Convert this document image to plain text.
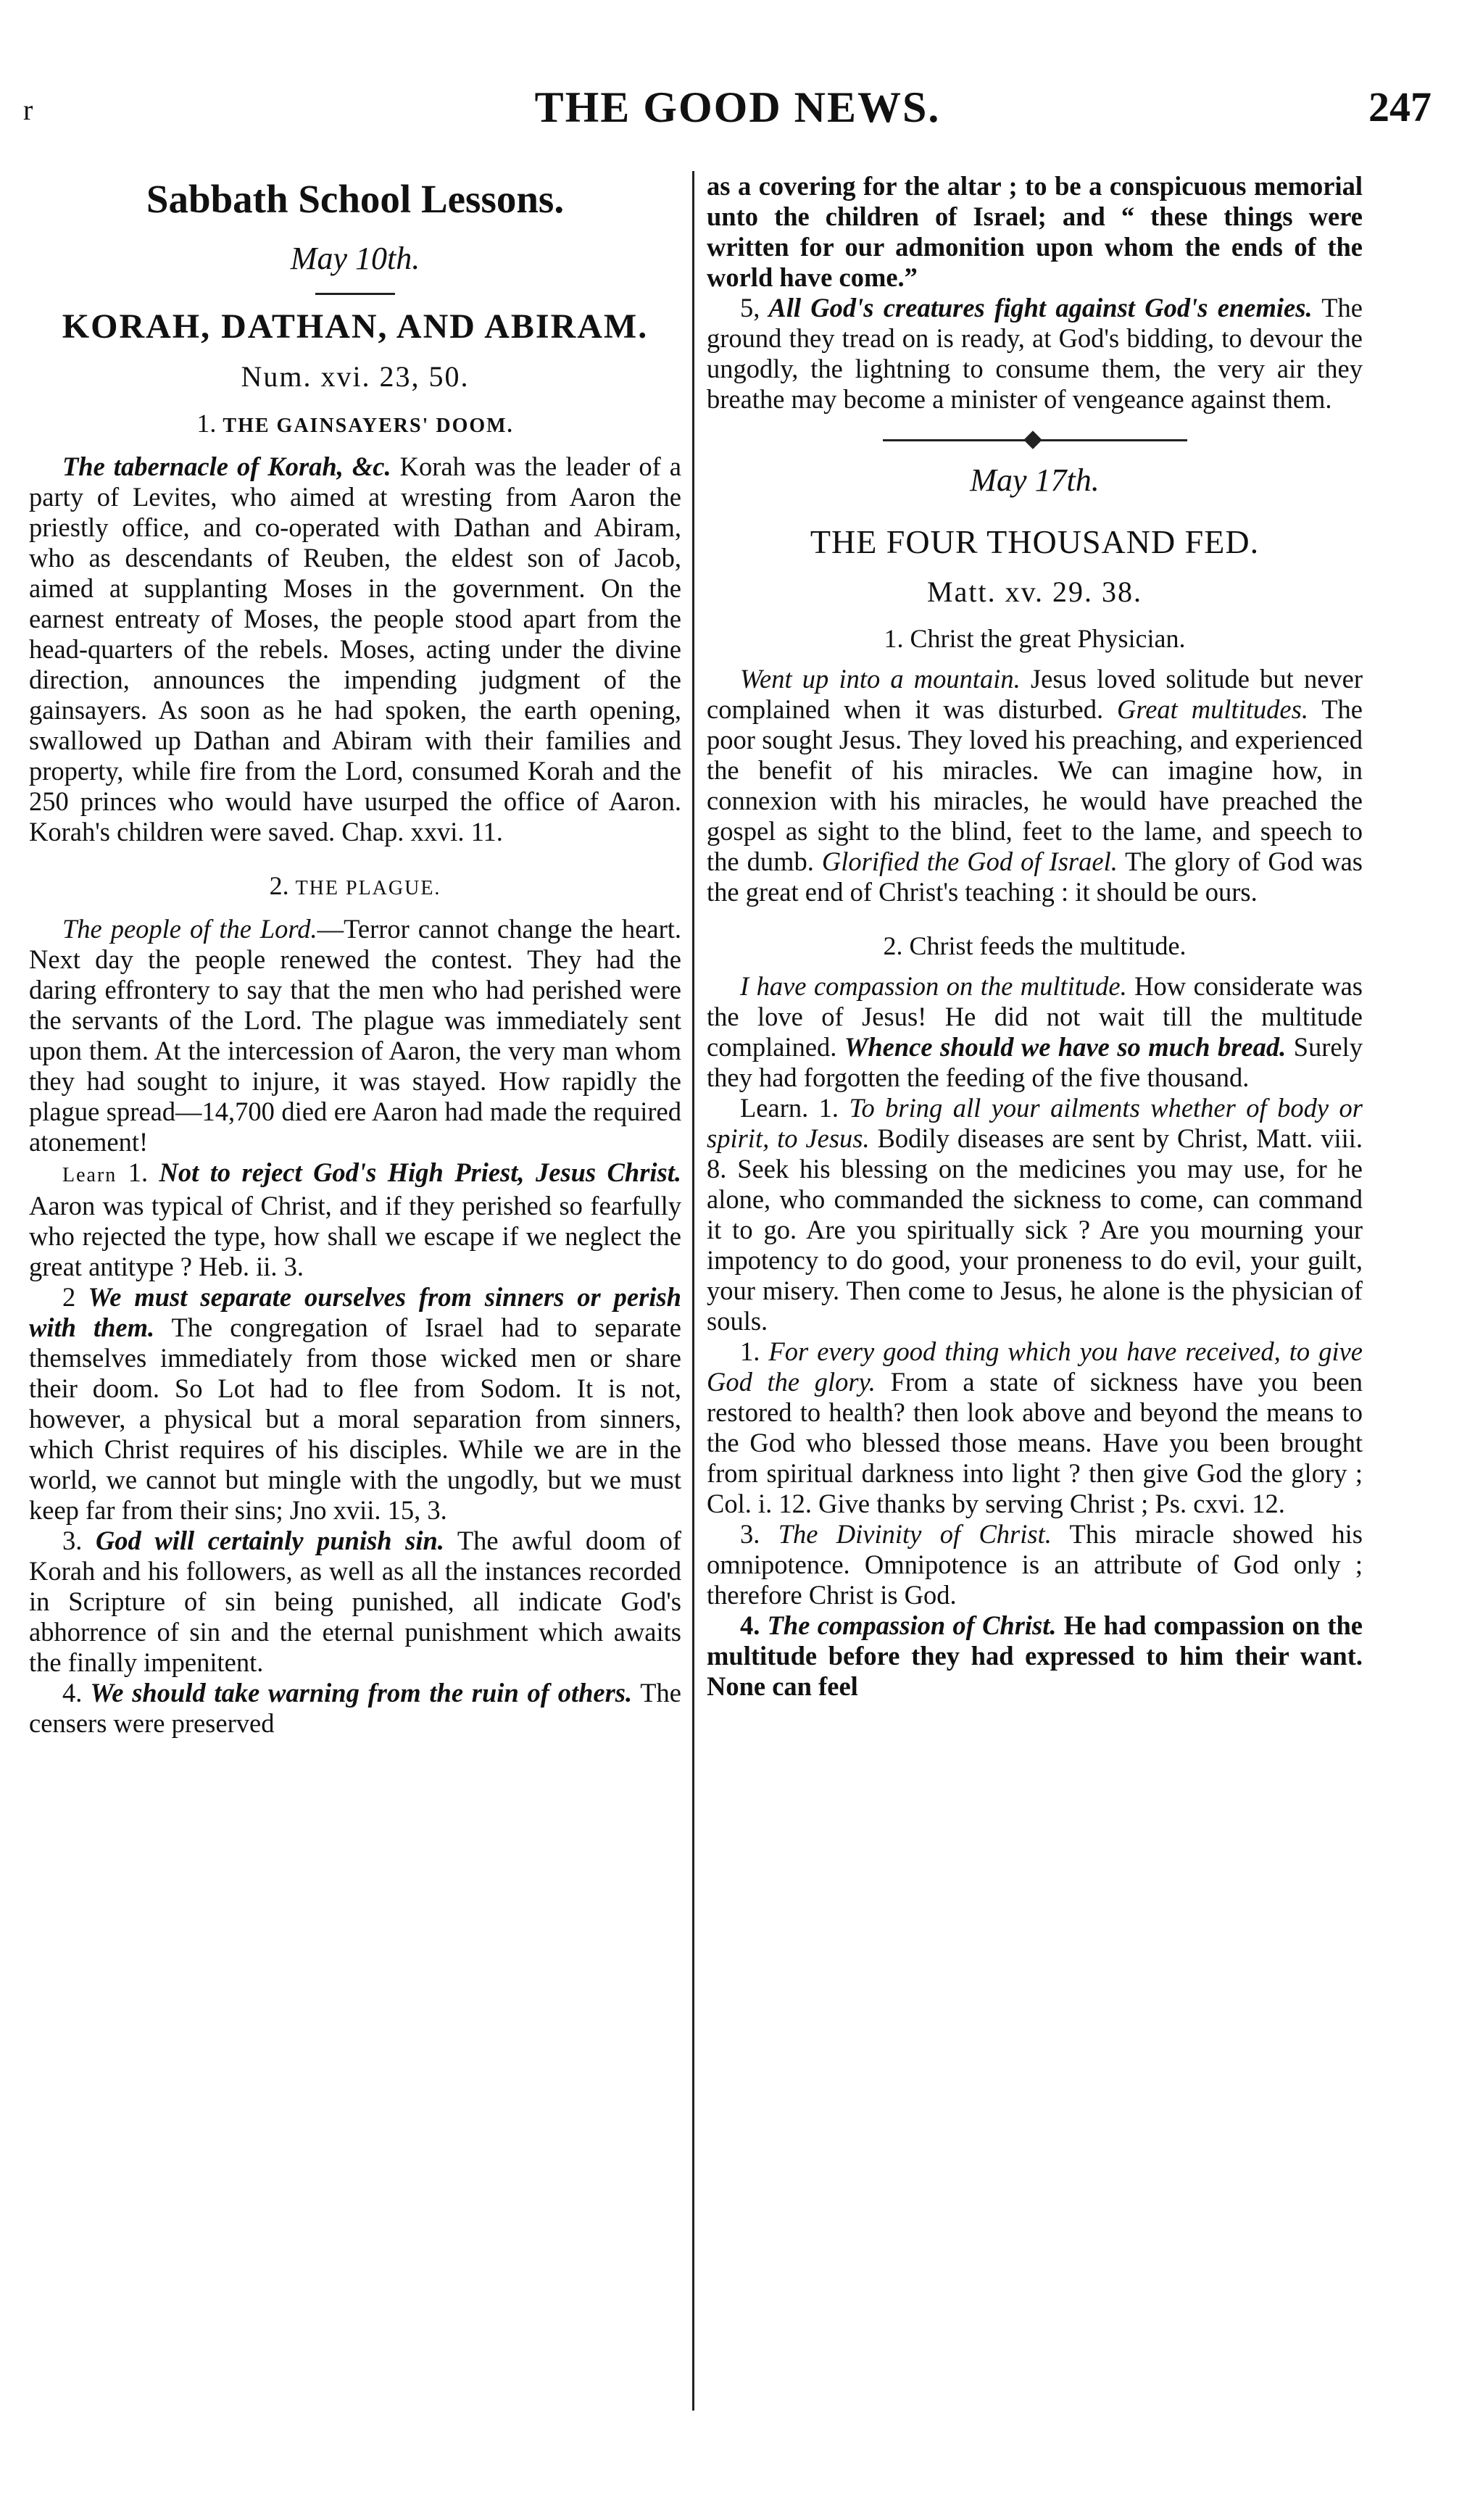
r	THE GOOD NEWS.	247

Sabbath School Lessons.

May 10th.

KORAH, DATHAN, AND ABIRAM.

Num. xvi. 23, 50.

1. THE GAINSAYERS' DOOM.

The tabernacle of Korah, &c. Korah was the leader of a party of Levites, who aimed at wresting from Aaron the priestly office, and co-operated with Dathan and Abiram, who as descendants of Reuben, the eldest son of Jacob, aimed at supplanting Moses in the government. On the earnest entreaty of Moses, the people stood apart from the head-quarters of the rebels. Moses, acting under the divine direction, announces the impending judgment of the gainsayers. As soon as he had spoken, the earth opening, swallowed up Dathan and Abiram with their families and property, while fire from the Lord, consumed Korah and the 250 princes who would have usurped the office of Aaron. Korah's children were saved. Chap. xxvi. 11.

2. THE PLAGUE.

The people of the Lord.—Terror cannot change the heart. Next day the people renewed the contest. They had the daring effrontery to say that the men who had perished were the servants of the Lord. The plague was immediately sent upon them. At the intercession of Aaron, the very man whom they had sought to injure, it was stayed. How rapidly the plague spread—14,700 died ere Aaron had made the required atonement!

Learn 1. Not to reject God's High Priest, Jesus Christ. Aaron was typical of Christ, and if they perished so fearfully who rejected the type, how shall we escape if we neglect the great antitype ? Heb. ii. 3.

2 We must separate ourselves from sinners or perish with them. The congregation of Israel had to separate themselves immediately from those wicked men or share their doom. So Lot had to flee from Sodom. It is not, however, a physical but a moral separation from sinners, which Christ requires of his disciples. While we are in the world, we cannot but mingle with the ungodly, but we must keep far from their sins; Jno xvii. 15, 3.

3. God will certainly punish sin. The awful doom of Korah and his followers, as well as all the instances recorded in Scripture of sin being punished, all indicate God's abhorrence of sin and the eternal punishment which awaits the finally impenitent.

4. We should take warning from the ruin of others. The censers were preserved

as a covering for the altar ; to be a conspicuous memorial unto the children of Israel; and “ these things were written for our admonition upon whom the ends of the world have come.”

5, All God's creatures fight against God's enemies. The ground they tread on is ready, at God's bidding, to devour the ungodly, the lightning to consume them, the very air they breathe may become a minister of vengeance against them.

May 17th.

THE FOUR THOUSAND FED.

Matt. xv. 29. 38.

1. Christ the great Physician.

Went up into a mountain. Jesus loved solitude but never complained when it was disturbed. Great multitudes. The poor sought Jesus. They loved his preaching, and experienced the benefit of his miracles. We can imagine how, in connexion with his miracles, he would have preached the gospel as sight to the blind, feet to the lame, and speech to the dumb. Glorified the God of Israel. The glory of God was the great end of Christ's teaching : it should be ours.

2. Christ feeds the multitude.

I have compassion on the multitude. How considerate was the love of Jesus! He did not wait till the multitude complained. Whence should we have so much bread. Surely they had forgotten the feeding of the five thousand.

Learn. 1. To bring all your ailments whether of body or spirit, to Jesus. Bodily diseases are sent by Christ, Matt. viii. 8. Seek his blessing on the medicines you may use, for he alone, who commanded the sickness to come, can command it to go. Are you spiritually sick ? Are you mourning your impotency to do good, your proneness to do evil, your guilt, your misery. Then come to Jesus, he alone is the physician of souls.

1. For every good thing which you have received, to give God the glory. From a state of sickness have you been restored to health? then look above and beyond the means to the God who blessed those means. Have you been brought from spiritual darkness into light ? then give God the glory ; Col. i. 12. Give thanks by serving Christ ; Ps. cxvi. 12.

3. The Divinity of Christ. This miracle showed his omnipotence. Omnipotence is an attribute of God only ; therefore Christ is God.

4. The compassion of Christ. He had compassion on the multitude before they had expressed to him their want. None can feel
